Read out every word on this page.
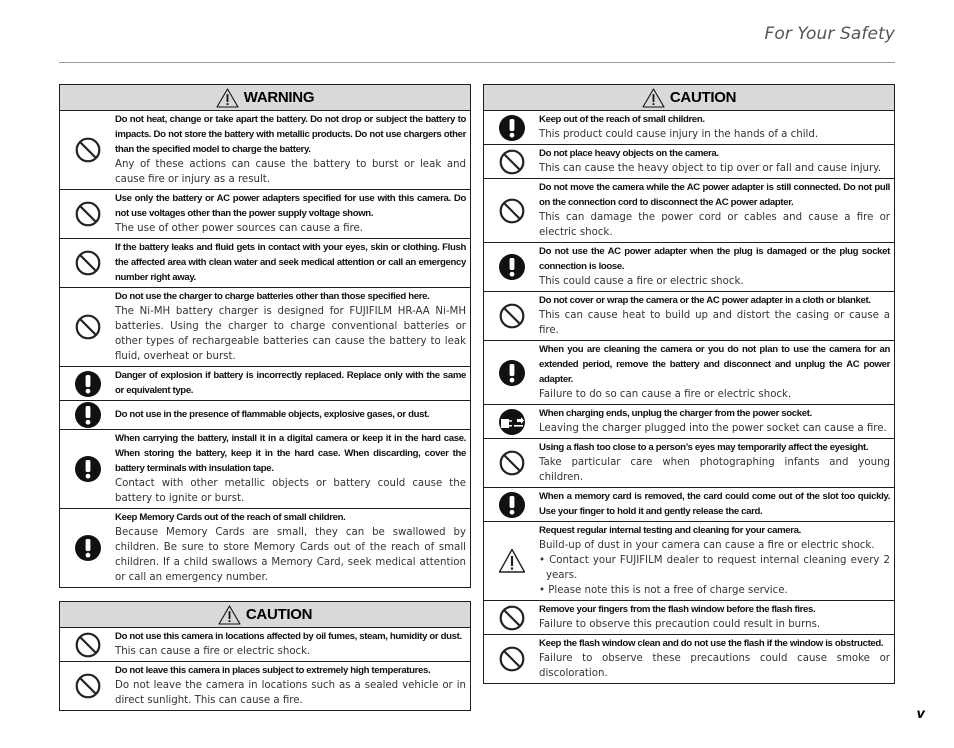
For Your Safety
WARNING
Do not heat, change or take apart the battery. Do not drop or subject the battery to impacts. Do not store the battery with metallic products. Do not use chargers other than the specified model to charge the battery.
Any of these actions can cause the battery to burst or leak and cause fire or injury as a result.
Use only the battery or AC power adapters specified for use with this camera. Do not use voltages other than the power supply voltage shown.
The use of other power sources can cause a fire.
If the battery leaks and fluid gets in contact with your eyes, skin or clothing. Flush the affected area with clean water and seek medical attention or call an emergency number right away.
Do not use the charger to charge batteries other than those specified here.
The Ni-MH battery charger is designed for FUJIFILM HR-AA Ni-MH batteries. Using the charger to charge conventional batteries or other types of rechargeable batteries can cause the battery to leak fluid, overheat or burst.
Danger of explosion if battery is incorrectly replaced. Replace only with the same or equivalent type.
Do not use in the presence of flammable objects, explosive gases, or dust.
When carrying the battery, install it in a digital camera or keep it in the hard case. When storing the battery, keep it in the hard case. When discarding, cover the battery terminals with insulation tape.
Contact with other metallic objects or battery could cause the battery to ignite or burst.
Keep Memory Cards out of the reach of small children.
Because Memory Cards are small, they can be swallowed by children. Be sure to store Memory Cards out of the reach of small children. If a child swallows a Memory Card, seek medical attention or call an emergency number.
CAUTION
Do not use this camera in locations affected by oil fumes, steam, humidity or dust.
This can cause a fire or electric shock.
Do not leave this camera in places subject to extremely high temperatures.
Do not leave the camera in locations such as a sealed vehicle or in direct sunlight. This can cause a fire.
CAUTION
Keep out of the reach of small children.
This product could cause injury in the hands of a child.
Do not place heavy objects on the camera.
This can cause the heavy object to tip over or fall and cause injury.
Do not move the camera while the AC power adapter is still connected. Do not pull on the connection cord to disconnect the AC power adapter.
This can damage the power cord or cables and cause a fire or electric shock.
Do not use the AC power adapter when the plug is damaged or the plug socket connection is loose.
This could cause a fire or electric shock.
Do not cover or wrap the camera or the AC power adapter in a cloth or blanket.
This can cause heat to build up and distort the casing or cause a fire.
When you are cleaning the camera or you do not plan to use the camera for an extended period, remove the battery and disconnect and unplug the AC power adapter.
Failure to do so can cause a fire or electric shock.
When charging ends, unplug the charger from the power socket.
Leaving the charger plugged into the power socket can cause a fire.
Using a flash too close to a person’s eyes may temporarily affect the eyesight.
Take particular care when photographing infants and young children.
When a memory card is removed, the card could come out of the slot too quickly. Use your finger to hold it and gently release the card.
Request regular internal testing and cleaning for your camera.
Build-up of dust in your camera can cause a fire or electric shock.
• Contact your FUJIFILM dealer to request internal cleaning every 2 years.
• Please note this is not a free of charge service.
Remove your fingers from the flash window before the flash fires.
Failure to observe this precaution could result in burns.
Keep the flash window clean and do not use the flash if the window is obstructed.
Failure to observe these precautions could cause smoke or discoloration.
v
